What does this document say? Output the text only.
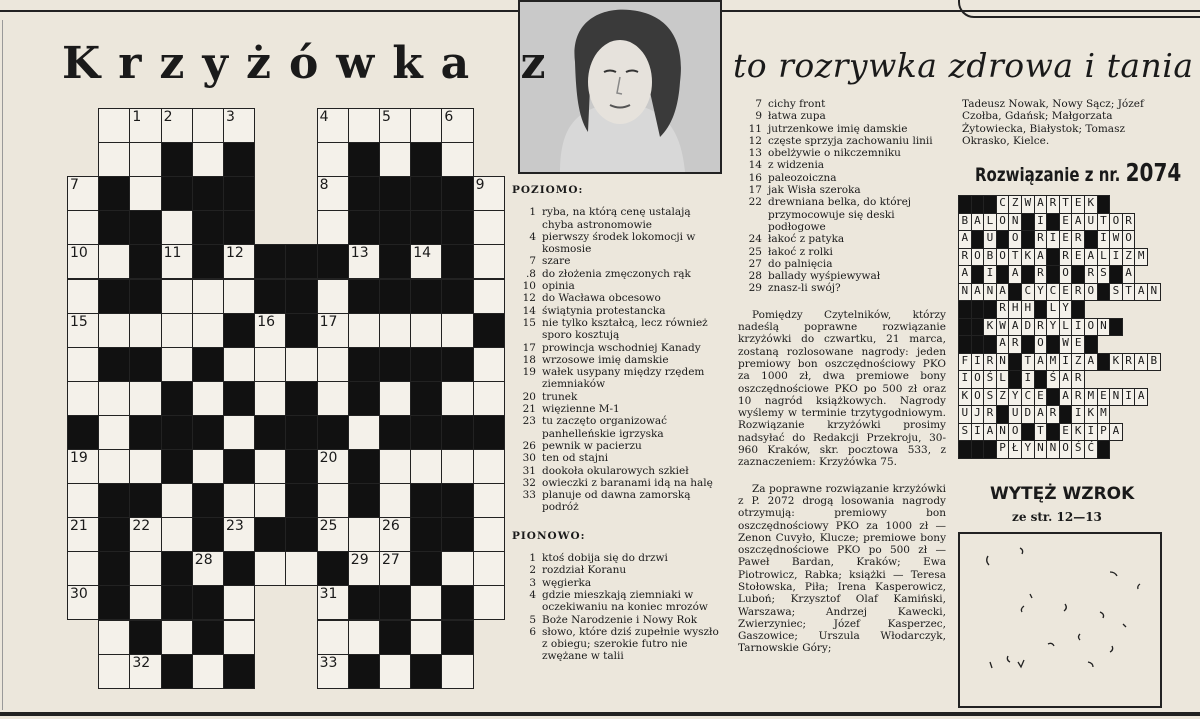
Krzyżówka z	to rozrywka zdrowa i tania
1 2	3	4	5	6
7	8	9
10	11	12	13	14
15	16	17
19	20
21	22	23	25	26
28	29 27
30	31
32	33
POZIOMO:
1 ryba, na którą cenę ustalają chyba astronomowie
4 pierwszy środek lokomocji w kosmosie
7 szare
.8 do złożenia zmęczonych rąk
10 opinia
12 do Wacława obcesowo
14 świątynia protestancka
15 nie tylko kształcą, lecz również sporo kosztują
17 prowincja wschodniej Kanady
18 wrzosowe imię damskie
19 wałek usypany między rzędem ziemniaków
20 trunek
21 więzienne M-1
23 tu zaczęto organizować panhelleńskie igrzyska
26 pewnik w pacierzu
30 ten od stajni
31 dookoła okularowych szkieł
32 owieczki z baranami idą na halę
33 planuje od dawna zamorską podróż
PIONOWO:
1 ktoś dobija się do drzwi
2 rozdział Koranu
3 węgierka
4 gdzie mieszkają ziemniaki w oczekiwaniu na koniec mrozów
5 Boże Narodzenie i Nowy Rok
6 słowo, które dziś zupełnie wyszło z obiegu; szerokie futro nie zwężane w talii
7 cichy front
9 łatwa zupa
11 jutrzenkowe imię damskie
12 częste sprzyja zachowaniu linii
13 obelżywie o nikczemniku
14 z widzenia
16 paleozoiczna
17 jak Wisła szeroka
22 drewniana belka, do której przymocowuje się deski podłogowe
24 łakoć z patyka
25 łakoć z rolki
27 do palnięcia
28 ballady wyśpiewywał
29 znasz-li swój?
Pomiędzy Czytelników, którzy nadeślą poprawne rozwiązanie krzyżówki do czwartku, 21 marca, zostaną rozlosowane nagrody: jeden premiowy bon oszczędnościowy PKO za 1000 zł, dwa premiowe bony oszczędnościowe PKO po 500 zł oraz 10 nagród książkowych. Nagrody wyślemy w terminie trzytygodniowym. Rozwiązanie krzyżówki prosimy nadsyłać do Redakcji Przekroju, 30-960 Kraków, skr. pocztowa 533, z zaznaczeniem: Krzyżówka 75.
Za poprawne rozwiązanie krzyżówki z P. 2072 drogą losowania nagrody otrzymują: premiowy bon oszczędnościowy PKO za 1000 zł — Zenon Cuvyło, Klucze; premiowe bony oszczędnościowe PKO po 500 zł — Paweł Bardan, Kraków; Ewa Piotrowicz, Rabka; książki — Teresa Stołowska, Piła; Irena Kasperowicz, Luboń; Krzysztof Olaf Kamiński, Warszawa; Andrzej Kawecki, Zwierzyniec; Józef Kasperzec, Gaszowice; Urszula Włodarczyk, Tarnowskie Góry;
Tadeusz Nowak, Nowy Sącz; Józef Czołba, Gdańsk; Małgorzata Żytowiecka, Białystok; Tomasz Okrasko, Kielce.
Rozwiązanie z nr. 2074
C Z W A R T E K
B A L O N	I	E A U T O R
A	U	O	R I E R	I W O
R O B O T K A	R E A L I Z M
A	I	A	R	O	R S	A
N A N A	C Y C E R O	S T A N
R H H	L Y
K W A D R Y L I O N
A R	O	W E
F I R N	T A M I Z A	K R A B
I O Ś L	I	Ś A R
K O S Z Y C E	A R M E N I A
U J R	U D A R	I K M
S I A N O	T	E K I P A
P Ł Y N N O Ś Ć
WYTĘŻ WZROK
ze str. 12—13
